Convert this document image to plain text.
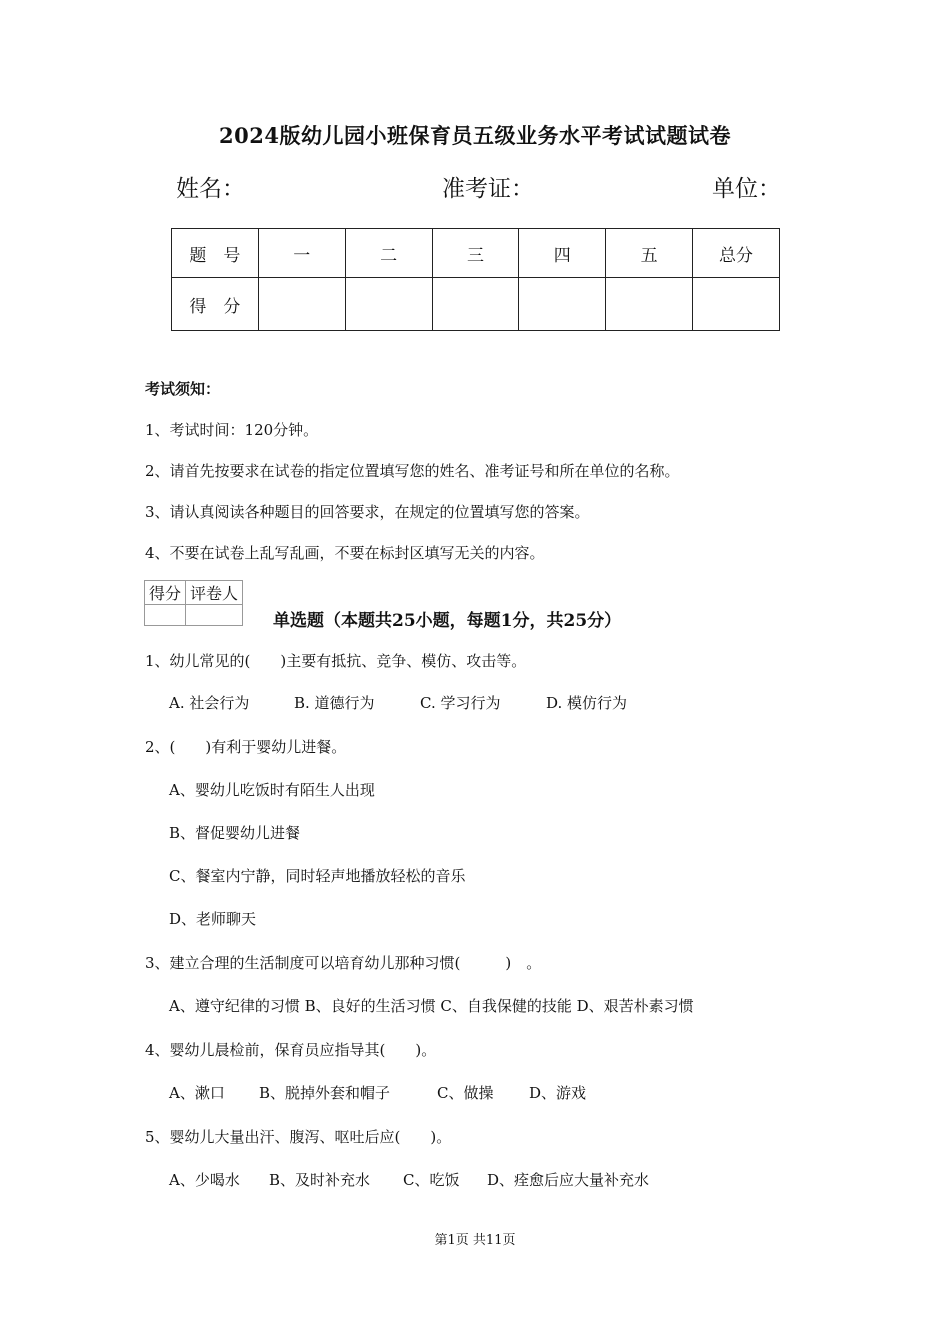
2024版幼儿园小班保育员五级业务水平考试试题试卷
姓名：	准考证：	单位：
题　号	一	二	三	四	五	总分
得　分						
考试须知：
1、考试时间：120分钟。
2、请首先按要求在试卷的指定位置填写您的姓名、准考证号和所在单位的名称。
3、请认真阅读各种题目的回答要求，在规定的位置填写您的答案。
4、不要在试卷上乱写乱画，不要在标封区填写无关的内容。
得分	评卷人

单选题（本题共25小题，每题1分，共25分）
1、幼儿常见的(　　)主要有抵抗、竞争、模仿、攻击等。
A. 社会行为	B. 道德行为	C. 学习行为	D. 模仿行为
2、(　　)有利于婴幼儿进餐。
A、婴幼儿吃饭时有陌生人出现
B、督促婴幼儿进餐
C、餐室内宁静，同时轻声地播放轻松的音乐
D、老师聊天
3、建立合理的生活制度可以培育幼儿那种习惯(　　　)　。
A、遵守纪律的习惯 B、良好的生活习惯 C、自我保健的技能 D、艰苦朴素习惯
4、婴幼儿晨检前，保育员应指导其(　　)。
A、漱口 B、脱掉外套和帽子	C、做操 D、游戏
5、婴幼儿大量出汗、腹泻、呕吐后应(　　)。
A、少喝水 B、及时补充水 C、吃饭 D、痊愈后应大量补充水
第1页 共11页
